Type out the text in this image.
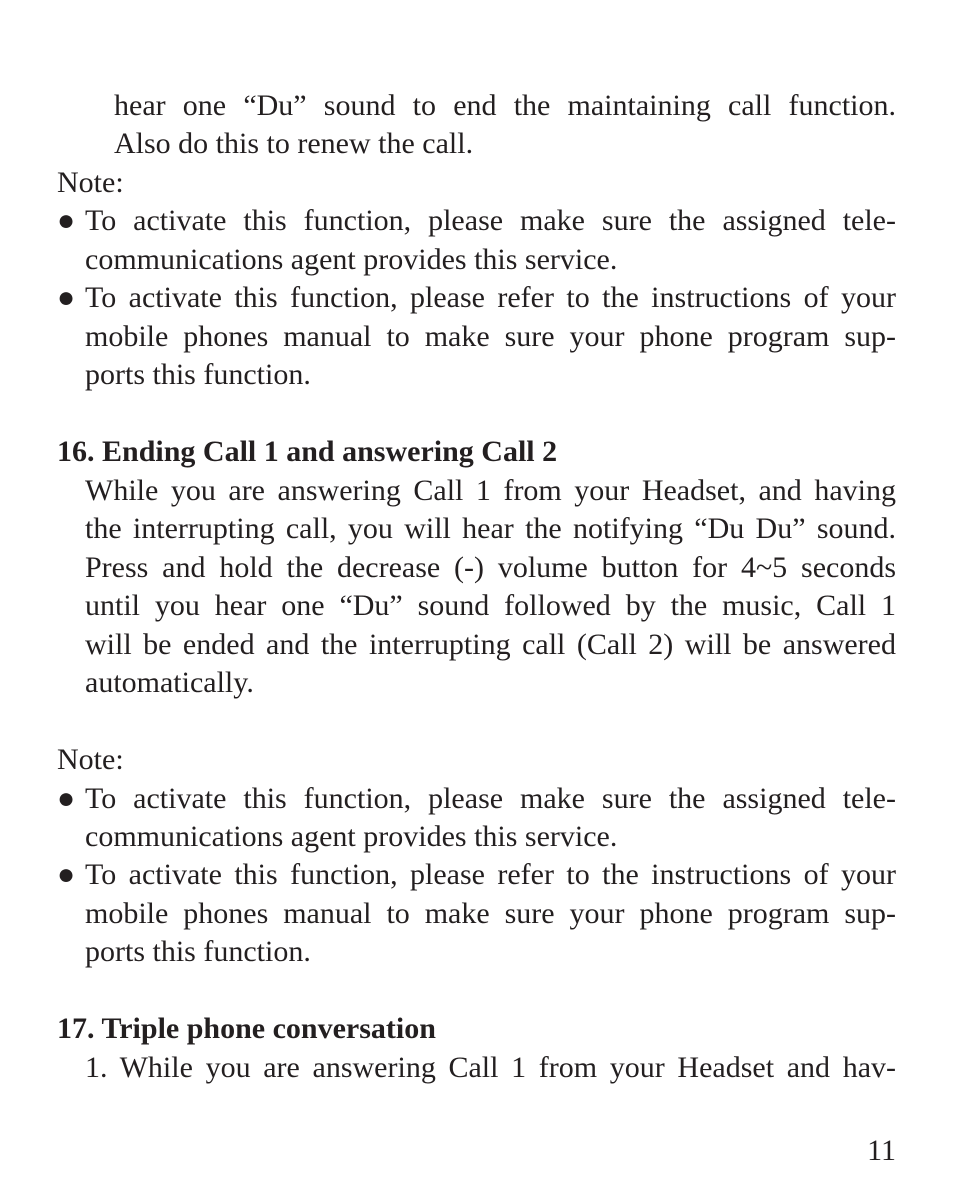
hear one “Du” sound to end the maintaining call function.
Also do this to renew the call.
Note:
● To activate this function, please make sure the assigned tele-
communications agent provides this service.
● To activate this function, please refer to the instructions of your
mobile phones manual to make sure your phone program sup-
ports this function.
16. Ending Call 1 and answering Call 2
While you are answering Call 1 from your Headset, and having
the interrupting call, you will hear the notifying “Du Du” sound.
Press and hold the decrease (-) volume button for 4~5 seconds
until you hear one “Du” sound followed by the music, Call 1
will be ended and the interrupting call (Call 2) will be answered
automatically.
Note:
● To activate this function, please make sure the assigned tele-
communications agent provides this service.
● To activate this function, please refer to the instructions of your
mobile phones manual to make sure your phone program sup-
ports this function.
17. Triple phone conversation
1. While you are answering Call 1 from your Headset and hav-
11
